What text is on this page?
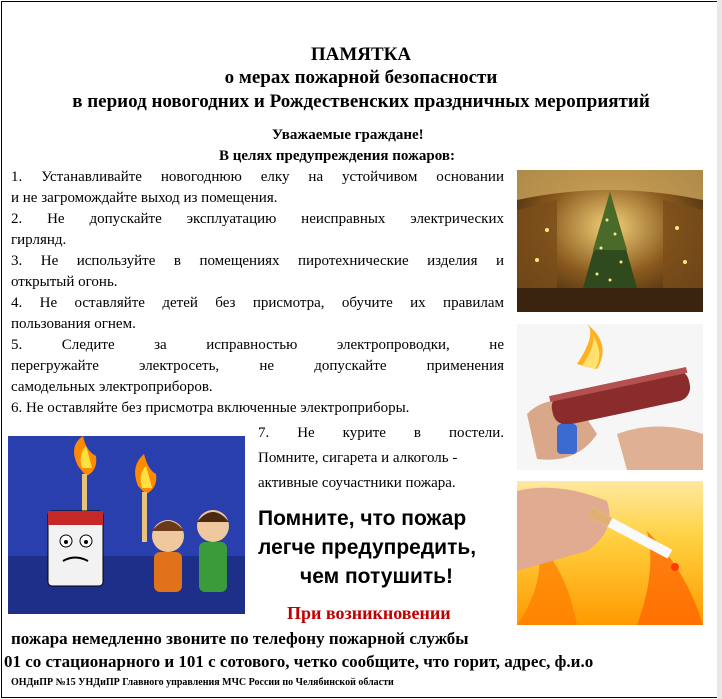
ПАМЯТКА
о мерах пожарной безопасности
в период новогодних и Рождественских праздничных мероприятий
Уважаемые граждане!
В целях предупреждения пожаров:
1. Устанавливайте новогоднюю елку на устойчивом основании
и не загромождайте выход из помещения.
2. Не допускайте эксплуатацию неисправных электрических
гирлянд.
3. Не используйте в помещениях пиротехнические изделия и
открытый огонь.
4. Не оставляйте детей без присмотра, обучите их правилам
пользования огнем.
5. Следите за исправностью электропроводки, не
перегружайте электросеть, не допускайте применения
самодельных электроприборов.
6. Не оставляйте без присмотра включенные электроприборы.
7. Не курите в постели.
Помните, сигарета и алкоголь -
активные соучастники пожара.
Помните, что пожар
легче предупредить,
чем потушить!
При возникновении
пожара немедленно звоните по телефону пожарной службы
01 со стационарного и 101 с сотового, четко сообщите, что горит, адрес, ф.и.о
ОНДиПР №15 УНДиПР Главного управления МЧС России по Челябинской области
